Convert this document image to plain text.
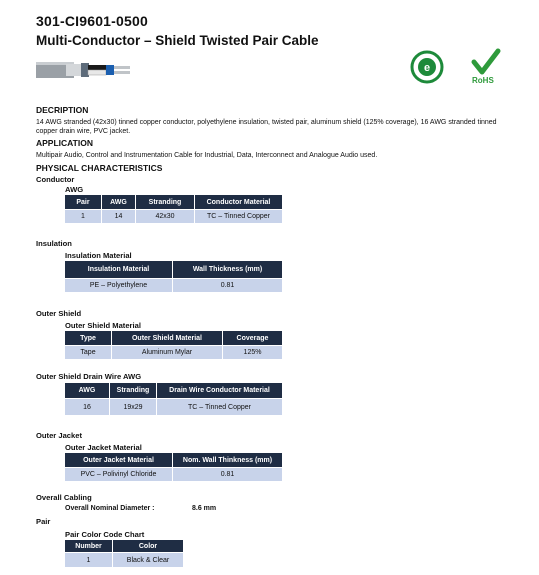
301-CI9601-0500
Multi-Conductor – Shield Twisted Pair Cable
e
RoHS
DECRIPTION
14 AWG stranded (42x30) tinned copper conductor, polyethylene insulation, twisted pair, aluminum shield (125% coverage), 16 AWG stranded tinned copper drain wire, PVC jacket.
APPLICATION
Multipair Audio, Control and Instrumentation Cable for Industrial, Data, Interconnect and Analogue Audio used.
PHYSICAL CHARACTERISTICS
Conductor
AWG
Pair	AWG	Stranding	Conductor Material
1	14	42x30	TC – Tinned Copper
Insulation
Insulation Material
Insulation Material	Wall Thickness (mm)
PE – Polyethylene	0.81
Outer Shield
Outer Shield Material
Type	Outer Shield Material	Coverage
Tape	Aluminum Mylar	125%
Outer Shield Drain Wire AWG
AWG	Stranding	Drain Wire Conductor Material
16	19x29	TC – Tinned Copper
Outer Jacket
Outer Jacket Material
Outer Jacket Material	Nom. Wall Thinkness (mm)
PVC – Polivinyl Chloride	0.81
Overall Cabling
Overall Nominal Diameter :	8.6 mm
Pair
Pair Color Code Chart
Number	Color
1	Black & Clear
